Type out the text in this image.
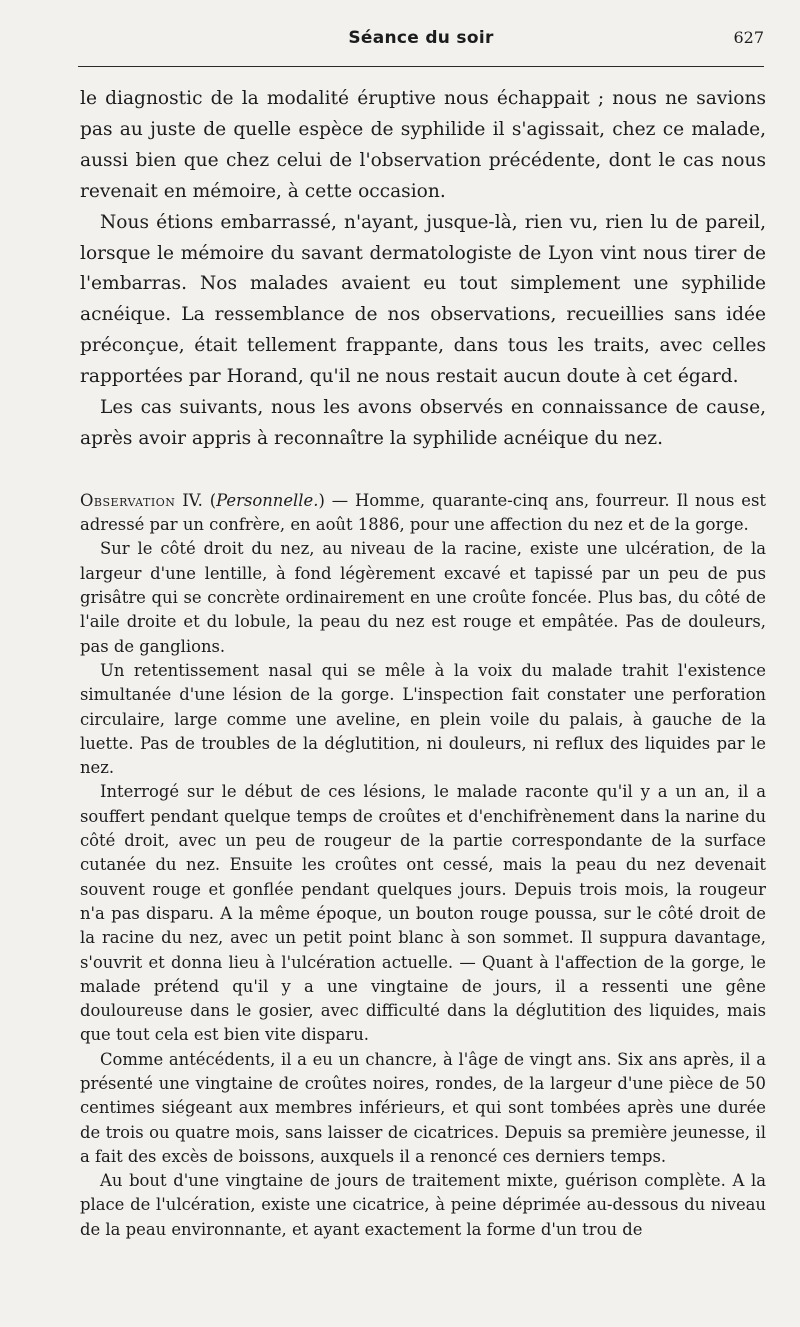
Séance du soir	627

le diagnostic de la modalité éruptive nous échappait ; nous ne savions pas au juste de quelle espèce de syphilide il s'agissait, chez ce malade, aussi bien que chez celui de l'observation précédente, dont le cas nous revenait en mémoire, à cette occasion.

Nous étions embarrassé, n'ayant, jusque-là, rien vu, rien lu de pareil, lorsque le mémoire du savant dermatologiste de Lyon vint nous tirer de l'embarras. Nos malades avaient eu tout simplement une syphilide acnéique. La ressemblance de nos observations, recueillies sans idée préconçue, était tellement frappante, dans tous les traits, avec celles rapportées par Horand, qu'il ne nous restait aucun doute à cet égard.

Les cas suivants, nous les avons observés en connaissance de cause, après avoir appris à reconnaître la syphilide acnéique du nez.

Observation IV. (Personnelle.) — Homme, quarante-cinq ans, fourreur. Il nous est adressé par un confrère, en août 1886, pour une affection du nez et de la gorge.

Sur le côté droit du nez, au niveau de la racine, existe une ulcération, de la largeur d'une lentille, à fond légèrement excavé et tapissé par un peu de pus grisâtre qui se concrète ordinairement en une croûte foncée. Plus bas, du côté de l'aile droite et du lobule, la peau du nez est rouge et empâtée. Pas de douleurs, pas de ganglions.

Un retentissement nasal qui se mêle à la voix du malade trahit l'existence simultanée d'une lésion de la gorge. L'inspection fait constater une perforation circulaire, large comme une aveline, en plein voile du palais, à gauche de la luette. Pas de troubles de la déglutition, ni douleurs, ni reflux des liquides par le nez.

Interrogé sur le début de ces lésions, le malade raconte qu'il y a un an, il a souffert pendant quelque temps de croûtes et d'enchifrènement dans la narine du côté droit, avec un peu de rougeur de la partie correspondante de la surface cutanée du nez. Ensuite les croûtes ont cessé, mais la peau du nez devenait souvent rouge et gonflée pendant quelques jours. Depuis trois mois, la rougeur n'a pas disparu. A la même époque, un bouton rouge poussa, sur le côté droit de la racine du nez, avec un petit point blanc à son sommet. Il suppura davantage, s'ouvrit et donna lieu à l'ulcération actuelle. — Quant à l'affection de la gorge, le malade prétend qu'il y a une vingtaine de jours, il a ressenti une gêne douloureuse dans le gosier, avec difficulté dans la déglutition des liquides, mais que tout cela est bien vite disparu.

Comme antécédents, il a eu un chancre, à l'âge de vingt ans. Six ans après, il a présenté une vingtaine de croûtes noires, rondes, de la largeur d'une pièce de 50 centimes siégeant aux membres inférieurs, et qui sont tombées après une durée de trois ou quatre mois, sans laisser de cicatrices. Depuis sa première jeunesse, il a fait des excès de boissons, auxquels il a renoncé ces derniers temps.

Au bout d'une vingtaine de jours de traitement mixte, guérison complète. A la place de l'ulcération, existe une cicatrice, à peine déprimée au-dessous du niveau de la peau environnante, et ayant exactement la forme d'un trou de
